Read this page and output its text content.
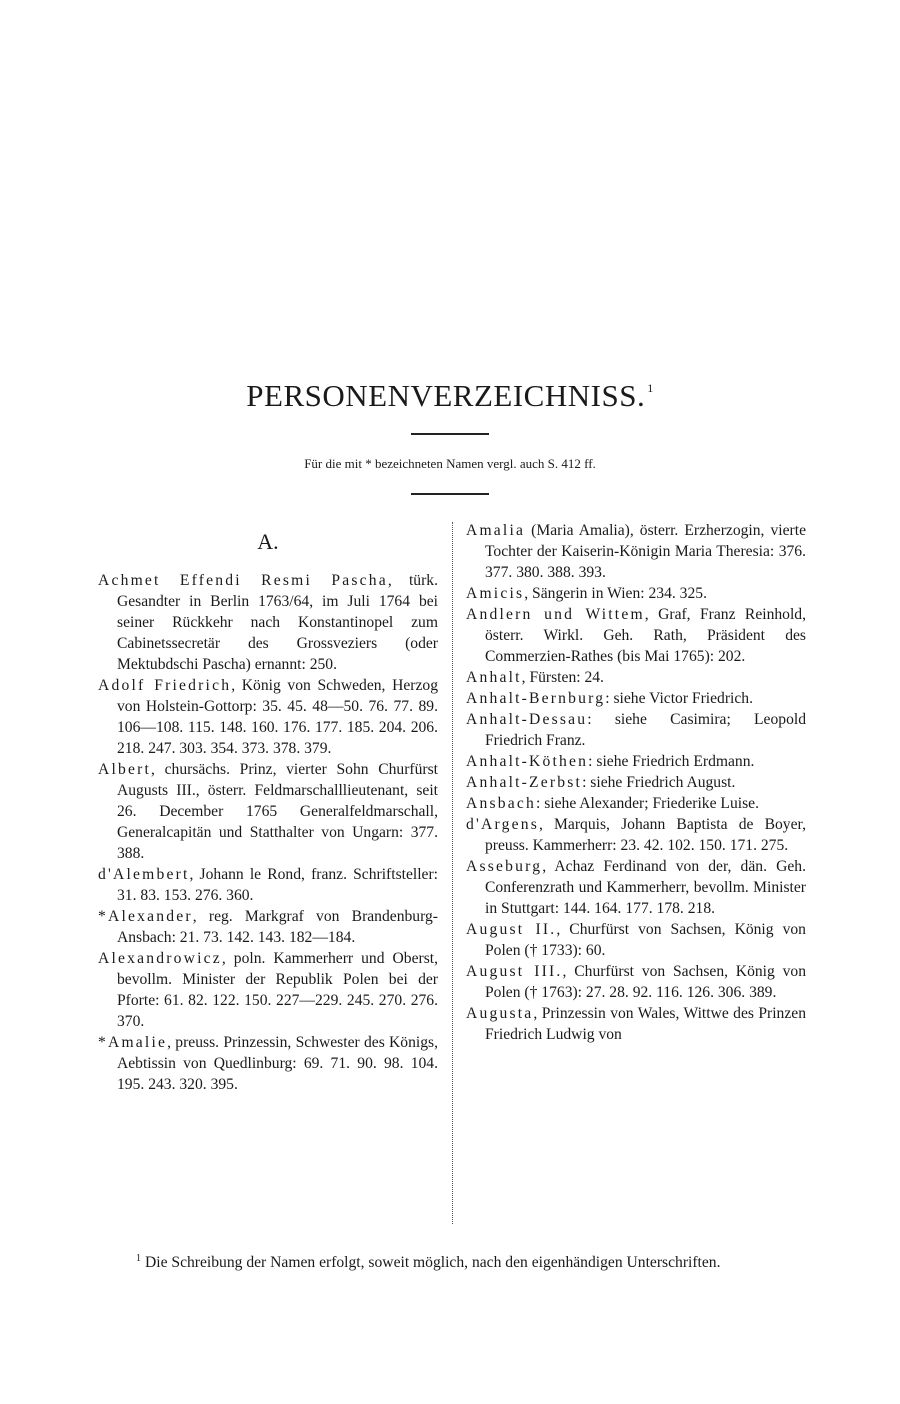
PERSONENVERZEICHNISS. $^1$
Für die mit * bezeichneten Namen vergl. auch S. 412 ff.
A.
Achmet Effendi Resmi Pascha, türk. Gesandter in Berlin 1763/64, im Juli 1764 bei seiner Rückkehr nach Konstantinopel zum Cabinetssecretär des Grossveziers (oder Mektubdschi Pascha) ernannt: 250.
Adolf Friedrich, König von Schweden, Herzog von Holstein-Gottorp: 35. 45. 48—50. 76. 77. 89. 106—108. 115. 148. 160. 176. 177. 185. 204. 206. 218. 247. 303. 354. 373. 378. 379.
Albert, chursächs. Prinz, vierter Sohn Churfürst Augusts III., österr. Feldmarschalllieutenant, seit 26. December 1765 Generalfeldmarschall, Generalcapitän und Statthalter von Ungarn: 377. 388.
d'Alembert, Johann le Rond, franz. Schriftsteller: 31. 83. 153. 276. 360.
*Alexander, reg. Markgraf von Brandenburg-Ansbach: 21. 73. 142. 143. 182—184.
Alexandrowicz, poln. Kammerherr und Oberst, bevollm. Minister der Republik Polen bei der Pforte: 61. 82. 122. 150. 227—229. 245. 270. 276. 370.
*Amalie, preuss. Prinzessin, Schwester des Königs, Aebtissin von Quedlinburg: 69. 71. 90. 98. 104. 195. 243. 320. 395.
Amalia (Maria Amalia), österr. Erzherzogin, vierte Tochter der Kaiserin-Königin Maria Theresia: 376. 377. 380. 388. 393.
Amicis, Sängerin in Wien: 234. 325.
Andlern und Wittem, Graf, Franz Reinhold, österr. Wirkl. Geh. Rath, Präsident des Commerzien-Rathes (bis Mai 1765): 202.
Anhalt, Fürsten: 24.
Anhalt-Bernburg: siehe Victor Friedrich.
Anhalt-Dessau: siehe Casimira; Leopold Friedrich Franz.
Anhalt-Köthen: siehe Friedrich Erdmann.
Anhalt-Zerbst: siehe Friedrich August.
Ansbach: siehe Alexander; Friederike Luise.
d'Argens, Marquis, Johann Baptista de Boyer, preuss. Kammerherr: 23. 42. 102. 150. 171. 275.
Asseburg, Achaz Ferdinand von der, dän. Geh. Conferenzrath und Kammerherr, bevollm. Minister in Stuttgart: 144. 164. 177. 178. 218.
August II., Churfürst von Sachsen, König von Polen († 1733): 60.
August III., Churfürst von Sachsen, König von Polen († 1763): 27. 28. 92. 116. 126. 306. 389.
Augusta, Prinzessin von Wales, Wittwe des Prinzen Friedrich Ludwig von
$^1$ Die Schreibung der Namen erfolgt, soweit möglich, nach den eigenhändigen Unterschriften.
